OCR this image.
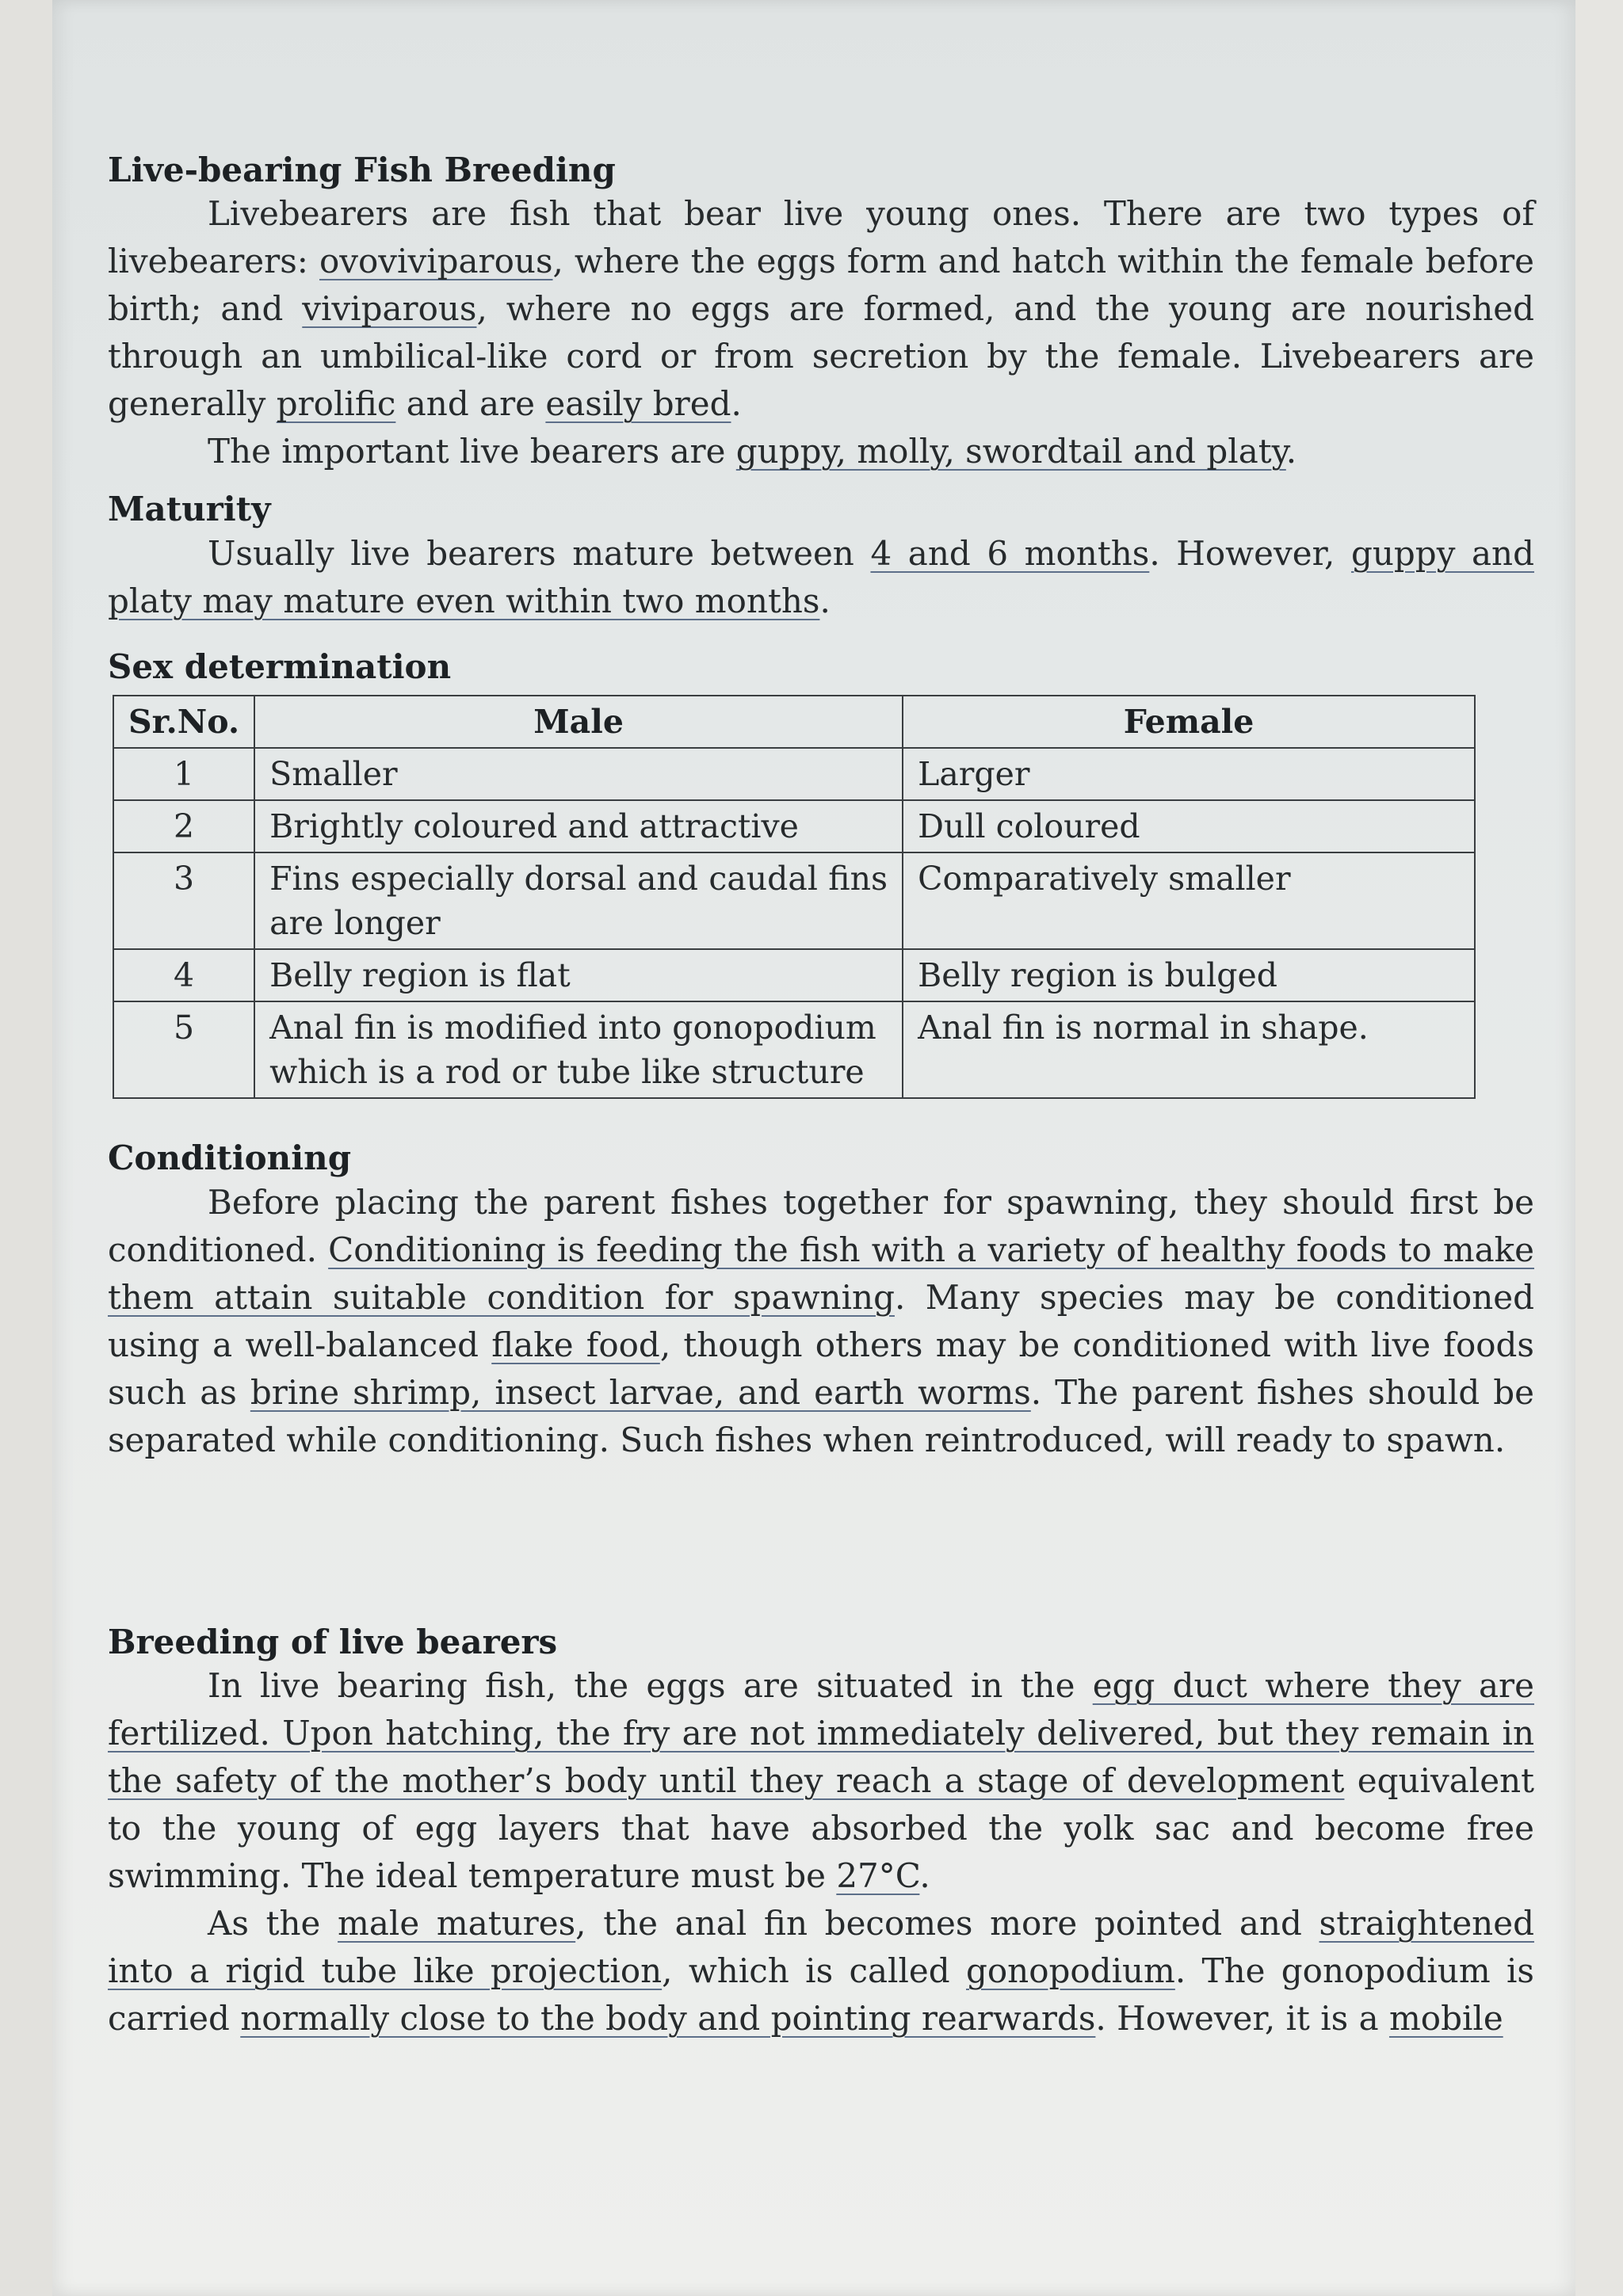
Live-bearing Fish Breeding

Livebearers are fish that bear live young ones. There are two types of livebearers: ovoviviparous, where the eggs form and hatch within the female before birth; and viviparous, where no eggs are formed, and the young are nourished through an umbilical-like cord or from secretion by the female. Livebearers are generally prolific and are easily bred.

The important live bearers are guppy, molly, swordtail and platy.

Maturity

Usually live bearers mature between 4 and 6 months. However, guppy and platy may mature even within two months.

Sex determination
Sr.No.	Male	Female
1	Smaller	Larger
2	Brightly coloured and attractive	Dull coloured
3	Fins especially dorsal and caudal fins are longer	Comparatively smaller
4	Belly region is flat	Belly region is bulged
5	Anal fin is modified into gonopodium which is a rod or tube like structure	Anal fin is normal in shape.
Conditioning

Before placing the parent fishes together for spawning, they should first be conditioned. Conditioning is feeding the fish with a variety of healthy foods to make them attain suitable condition for spawning. Many species may be conditioned using a well-balanced flake food, though others may be conditioned with live foods such as brine shrimp, insect larvae, and earth worms. The parent fishes should be separated while conditioning. Such fishes when reintroduced, will ready to spawn.

Breeding of live bearers

In live bearing fish, the eggs are situated in the egg duct where they are fertilized. Upon hatching, the fry are not immediately delivered, but they remain in the safety of the mother’s body until they reach a stage of development equivalent to the young of egg layers that have absorbed the yolk sac and become free swimming. The ideal temperature must be 27°C.

As the male matures, the anal fin becomes more pointed and straightened into a rigid tube like projection, which is called gonopodium. The gonopodium is carried normally close to the body and pointing rearwards. However, it is a mobile
